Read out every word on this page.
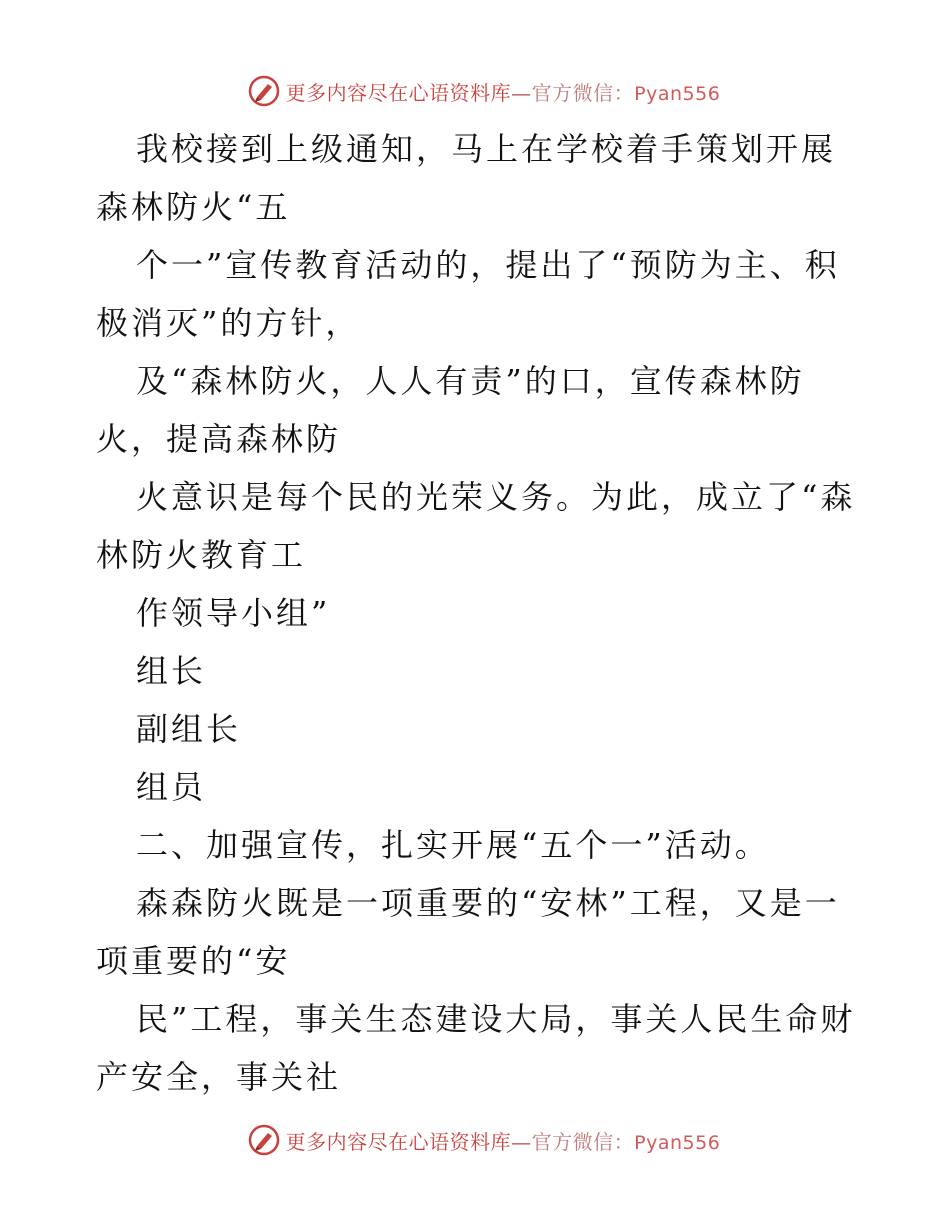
更多内容尽在心语资料库—官方微信：Pyan556

我校接到上级通知，马上在学校着手策划开展森林防火“五

个一”宣传教育活动的，提出了“预防为主、积极消灭”的方针，

及“森林防火，人人有责”的口，宣传森林防火，提高森林防

火意识是每个民的光荣义务。为此，成立了“森林防火教育工

作领导小组”

组长

副组长

组员

二、加强宣传，扎实开展“五个一”活动。

森森防火既是一项重要的“安林”工程，又是一项重要的“安

民”工程，事关生态建设大局，事关人民生命财产安全，事关社

更多内容尽在心语资料库—官方微信：Pyan556
